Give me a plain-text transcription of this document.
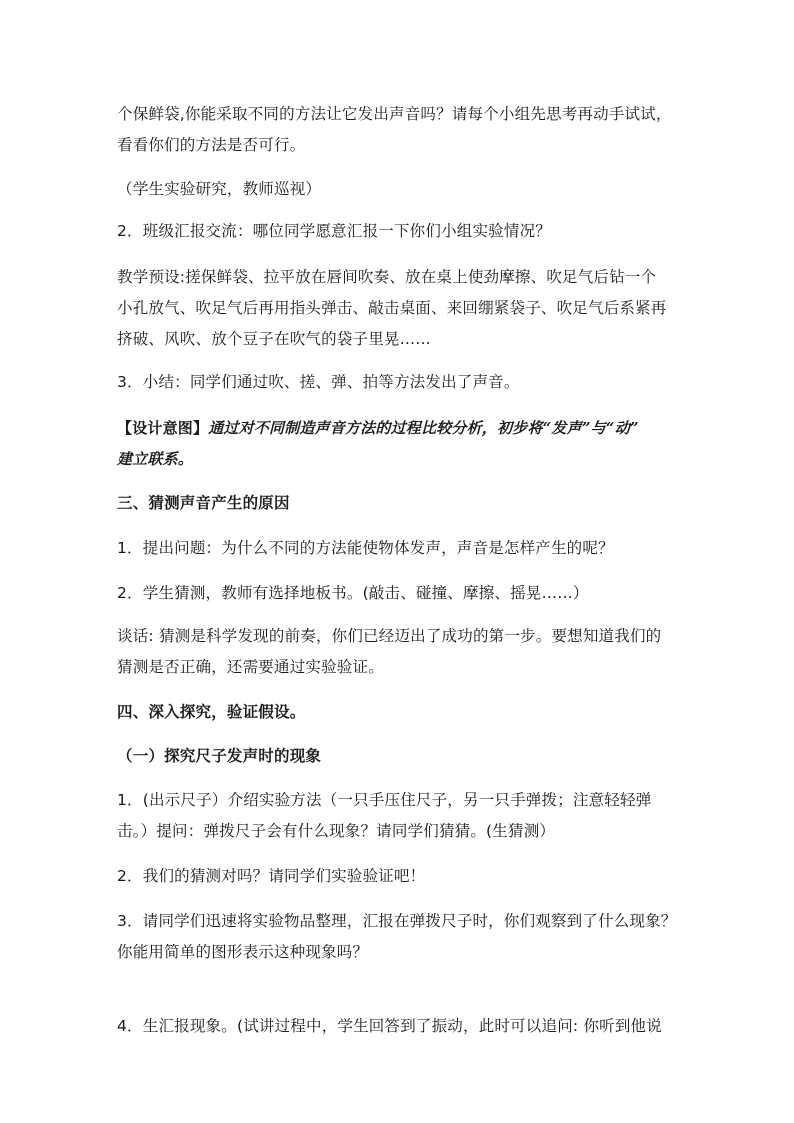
个保鲜袋,你能采取不同的方法让它发出声音吗？请每个小组先思考再动手试试，
看看你们的方法是否可行。

（学生实验研究，教师巡视）

2．班级汇报交流：哪位同学愿意汇报一下你们小组实验情况？

教学预设:搓保鲜袋、拉平放在唇间吹奏、放在桌上使劲摩擦、吹足气后钻一个
小孔放气、吹足气后再用指头弹击、敲击桌面、来回绷紧袋子、吹足气后系紧再
挤破、风吹、放个豆子在吹气的袋子里晃……

3．小结：同学们通过吹、搓、弹、拍等方法发出了声音。

【设计意图】通过对不同制造声音方法的过程比较分析，初步将“发声”与“动”
建立联系。

三、猜测声音产生的原因

1．提出问题：为什么不同的方法能使物体发声，声音是怎样产生的呢？

2．学生猜测，教师有选择地板书。(敲击、碰撞、摩擦、摇晃……）

谈话: 猜测是科学发现的前奏，你们已经迈出了成功的第一步。要想知道我们的
猜测是否正确，还需要通过实验验证。

四、深入探究，验证假设。

（一）探究尺子发声时的现象

1．(出示尺子）介绍实验方法（一只手压住尺子，另一只手弹拨；注意轻轻弹
击。）提问：弹拨尺子会有什么现象？请同学们猜猜。(生猜测）

2．我们的猜测对吗？请同学们实验验证吧！

3．请同学们迅速将实验物品整理，汇报在弹拨尺子时，你们观察到了什么现象？
你能用简单的图形表示这种现象吗？

4．生汇报现象。(试讲过程中，学生回答到了振动，此时可以追问: 你听到他说
